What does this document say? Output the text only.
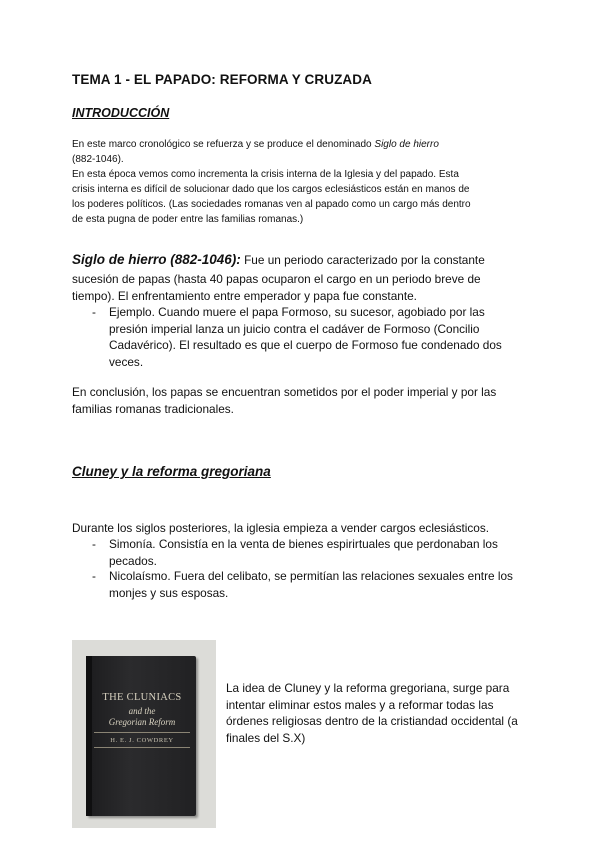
TEMA 1 - EL PAPADO: REFORMA Y CRUZADA
INTRODUCCIÓN
En este marco cronológico se refuerza y se produce el denominado Siglo de hierro
(882-1046).
En esta época vemos como incrementa la crisis interna de la Iglesia y del papado. Esta
crisis interna es difícil de solucionar dado que los cargos eclesiásticos están en manos de
los poderes políticos. (Las sociedades romanas ven al papado como un cargo más dentro
de esta pugna de poder entre las familias romanas.)
Siglo de hierro (882-1046): Fue un periodo caracterizado por la constante
sucesión de papas (hasta 40 papas ocuparon el cargo en un periodo breve de
tiempo). El enfrentamiento entre emperador y papa fue constante.
- Ejemplo. Cuando muere el papa Formoso, su sucesor, agobiado por las
presión imperial lanza un juicio contra el cadáver de Formoso (Concilio
Cadavérico). El resultado es que el cuerpo de Formoso fue condenado dos
veces.
En conclusión, los papas se encuentran sometidos por el poder imperial y por las
familias romanas tradicionales.
Cluney y la reforma gregoriana
Durante los siglos posteriores, la iglesia empieza a vender cargos eclesiásticos.
- Simonía. Consistía en la venta de bienes espirirtuales que perdonaban los
pecados.
- Nicolaísmo. Fuera del celibato, se permitían las relaciones sexuales entre los
monjes y sus esposas.
THE CLUNIACS
and the
Gregorian Reform
H. E. J. COWDREY
La idea de Cluney y la reforma gregoriana, surge para
intentar eliminar estos males y a reformar todas las
órdenes religiosas dentro de la cristiandad occidental (a
finales del S.X)
